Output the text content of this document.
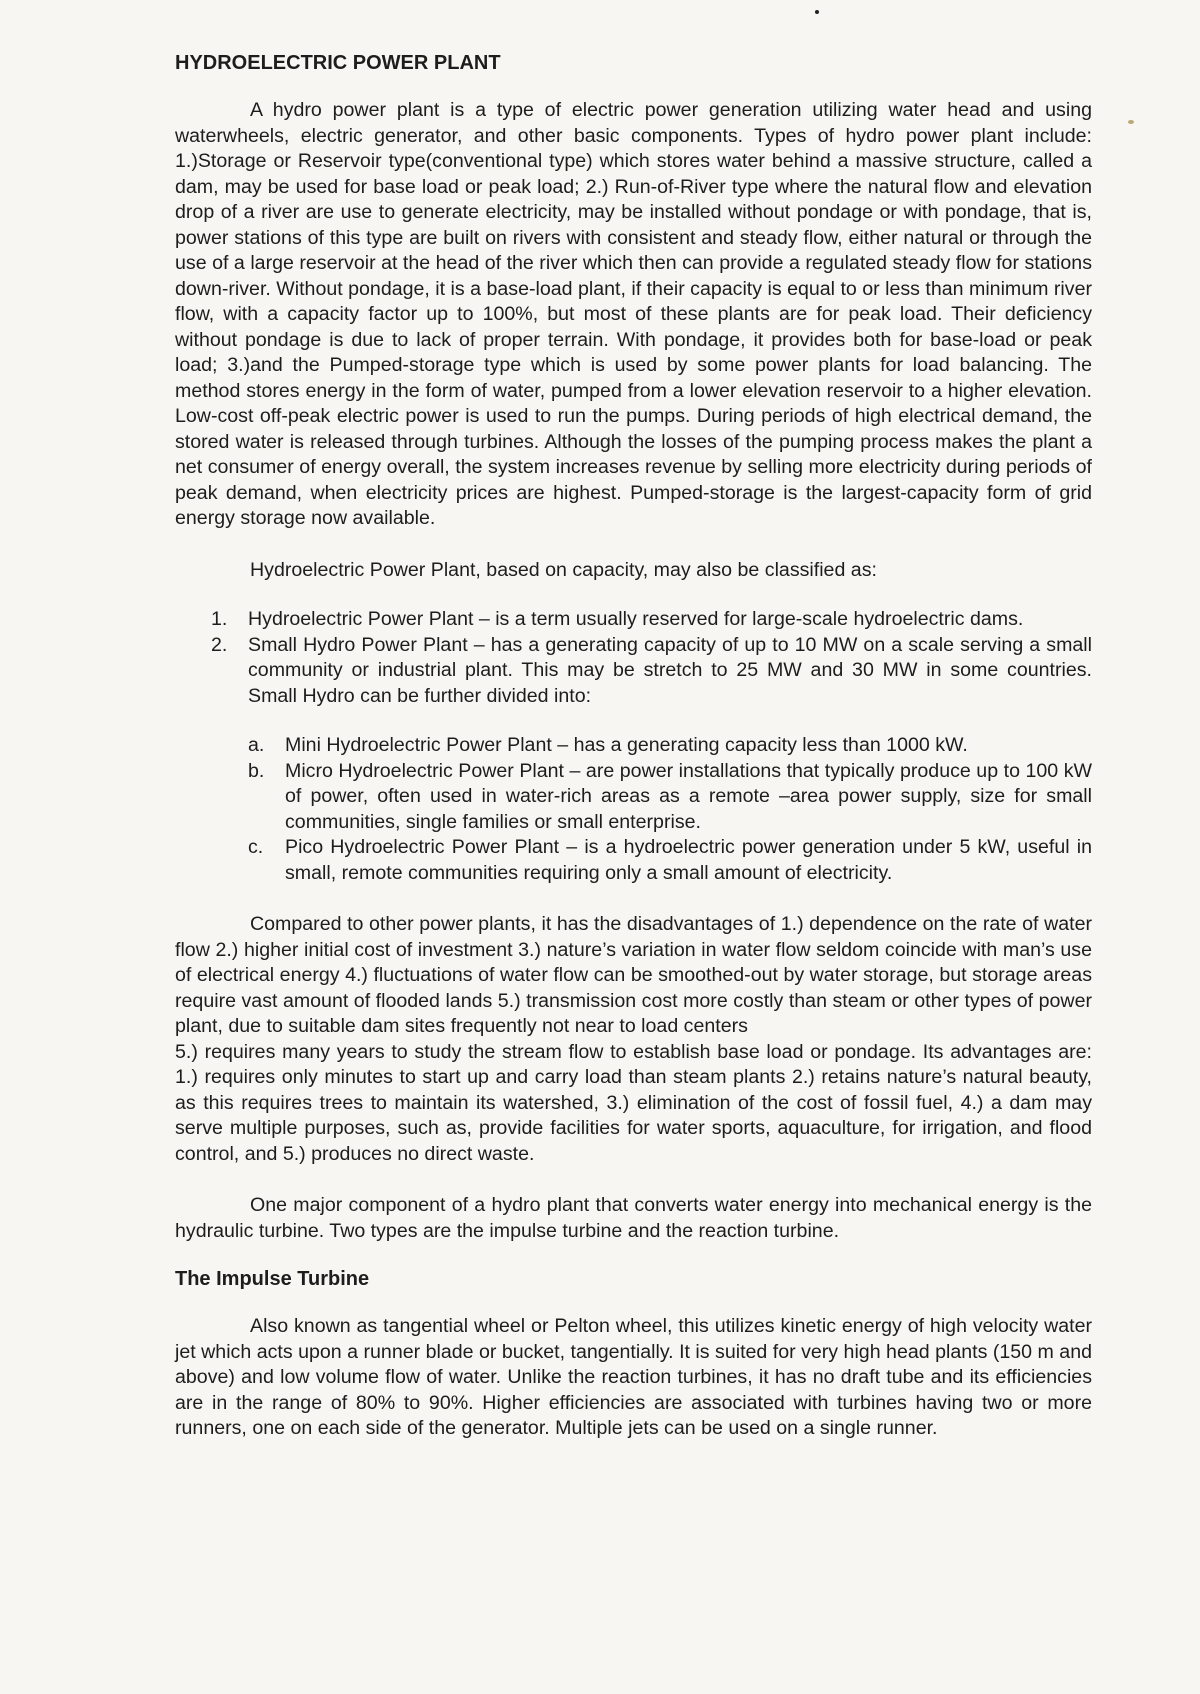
HYDROELECTRIC POWER PLANT

A hydro power plant is a type of electric power generation utilizing water head and using waterwheels, electric generator, and other basic components. Types of hydro power plant include: 1.)Storage or Reservoir type(conventional type) which stores water behind a massive structure, called a dam, may be used for base load or peak load; 2.) Run-of-River type where the natural flow and elevation drop of a river are use to generate electricity, may be installed without pondage or with pondage, that is, power stations of this type are built on rivers with consistent and steady flow, either natural or through the use of a large reservoir at the head of the river which then can provide a regulated steady flow for stations down-river. Without pondage, it is a base-load plant, if their capacity is equal to or less than minimum river flow, with a capacity factor up to 100%, but most of these plants are for peak load. Their deficiency without pondage is due to lack of proper terrain. With pondage, it provides both for base-load or peak load; 3.)and the Pumped-storage type which is used by some power plants for load balancing. The method stores energy in the form of water, pumped from a lower elevation reservoir to a higher elevation. Low-cost off-peak electric power is used to run the pumps. During periods of high electrical demand, the stored water is released through turbines. Although the losses of the pumping process makes the plant a net consumer of energy overall, the system increases revenue by selling more electricity during periods of peak demand, when electricity prices are highest. Pumped-storage is the largest-capacity form of grid energy storage now available.

Hydroelectric Power Plant, based on capacity, may also be classified as:

1. Hydroelectric Power Plant – is a term usually reserved for large-scale hydroelectric dams.
2. Small Hydro Power Plant – has a generating capacity of up to 10 MW on a scale serving a small community or industrial plant. This may be stretch to 25 MW and 30 MW in some countries. Small Hydro can be further divided into:
a. Mini Hydroelectric Power Plant – has a generating capacity less than 1000 kW.
b. Micro Hydroelectric Power Plant – are power installations that typically produce up to 100 kW of power, often used in water-rich areas as a remote –area power supply, size for small communities, single families or small enterprise.
c. Pico Hydroelectric Power Plant – is a hydroelectric power generation under 5 kW, useful in small, remote communities requiring only a small amount of electricity.

Compared to other power plants, it has the disadvantages of 1.) dependence on the rate of water flow 2.) higher initial cost of investment 3.) nature’s variation in water flow seldom coincide with man’s use of electrical energy 4.) fluctuations of water flow can be smoothed-out by water storage, but storage areas require vast amount of flooded lands 5.) transmission cost more costly than steam or other types of power plant, due to suitable dam sites frequently not near to load centers

5.) requires many years to study the stream flow to establish base load or pondage. Its advantages are: 1.) requires only minutes to start up and carry load than steam plants 2.) retains nature’s natural beauty, as this requires trees to maintain its watershed, 3.) elimination of the cost of fossil fuel, 4.) a dam may serve multiple purposes, such as, provide facilities for water sports, aquaculture, for irrigation, and flood control, and 5.) produces no direct waste.

One major component of a hydro plant that converts water energy into mechanical energy is the hydraulic turbine. Two types are the impulse turbine and the reaction turbine.

The Impulse Turbine

Also known as tangential wheel or Pelton wheel, this utilizes kinetic energy of high velocity water jet which acts upon a runner blade or bucket, tangentially. It is suited for very high head plants (150 m and above) and low volume flow of water. Unlike the reaction turbines, it has no draft tube and its efficiencies are in the range of 80% to 90%. Higher efficiencies are associated with turbines having two or more runners, one on each side of the generator. Multiple jets can be used on a single runner.
